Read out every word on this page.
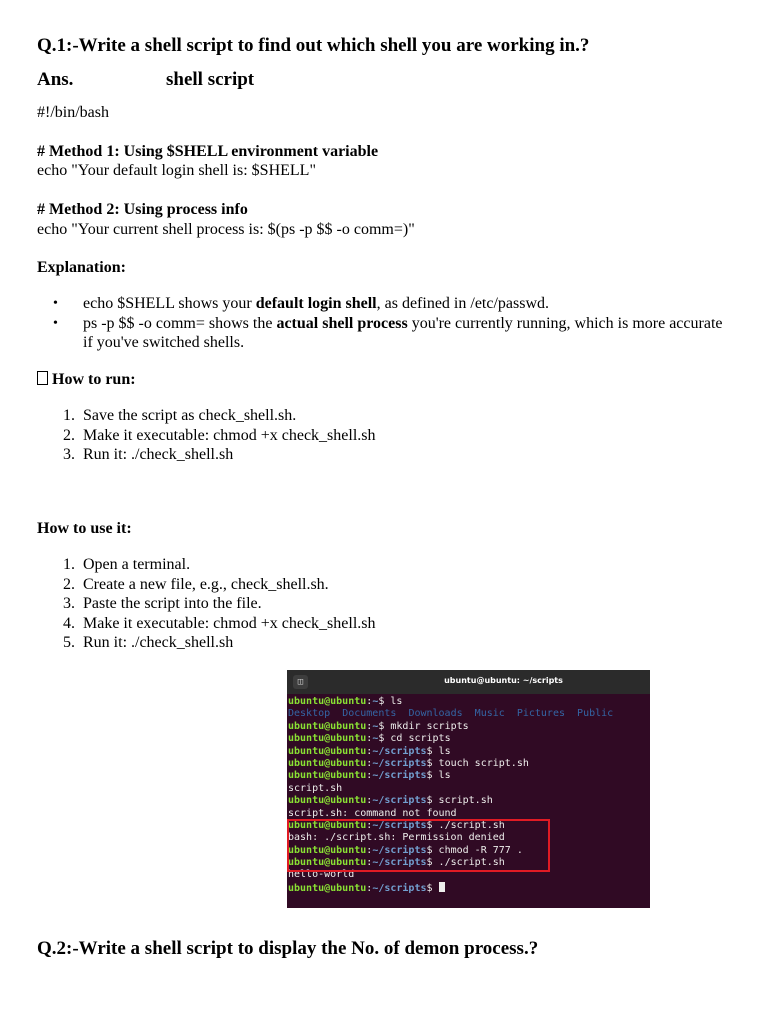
Q.1:-Write a shell script to find out which shell you are working in.?
Ans.	shell script
#!/bin/bash
# Method 1: Using $SHELL environment variable
echo "Your default login shell is: $SHELL"
# Method 2: Using process info
echo "Your current shell process is: $(ps -p $$ -o comm=)"
Explanation:
•	echo $SHELL shows your default login shell, as defined in /etc/passwd.
•	ps -p $$ -o comm= shows the actual shell process you're currently running, which is more accurate if you've switched shells.
How to run:
1. Save the script as check_shell.sh.
2. Make it executable: chmod +x check_shell.sh
3. Run it: ./check_shell.sh
How to use it:
1. Open a terminal.
2. Create a new file, e.g., check_shell.sh.
3. Paste the script into the file.
4. Make it executable: chmod +x check_shell.sh
5. Run it: ./check_shell.sh
Q.2:-Write a shell script to display the No. of demon process.?
◫	ubuntu@ubuntu: ~/scripts
ubuntu@ubuntu:~$ ls
Desktop Documents Downloads Music Pictures Public
ubuntu@ubuntu:~$ mkdir scripts
ubuntu@ubuntu:~$ cd scripts
ubuntu@ubuntu:~/scripts$ ls
ubuntu@ubuntu:~/scripts$ touch script.sh
ubuntu@ubuntu:~/scripts$ ls
script.sh
ubuntu@ubuntu:~/scripts$ script.sh
script.sh: command not found
ubuntu@ubuntu:~/scripts$ ./script.sh
bash: ./script.sh: Permission denied
ubuntu@ubuntu:~/scripts$ chmod -R 777 .
ubuntu@ubuntu:~/scripts$ ./script.sh
hello-world
ubuntu@ubuntu:~/scripts$
